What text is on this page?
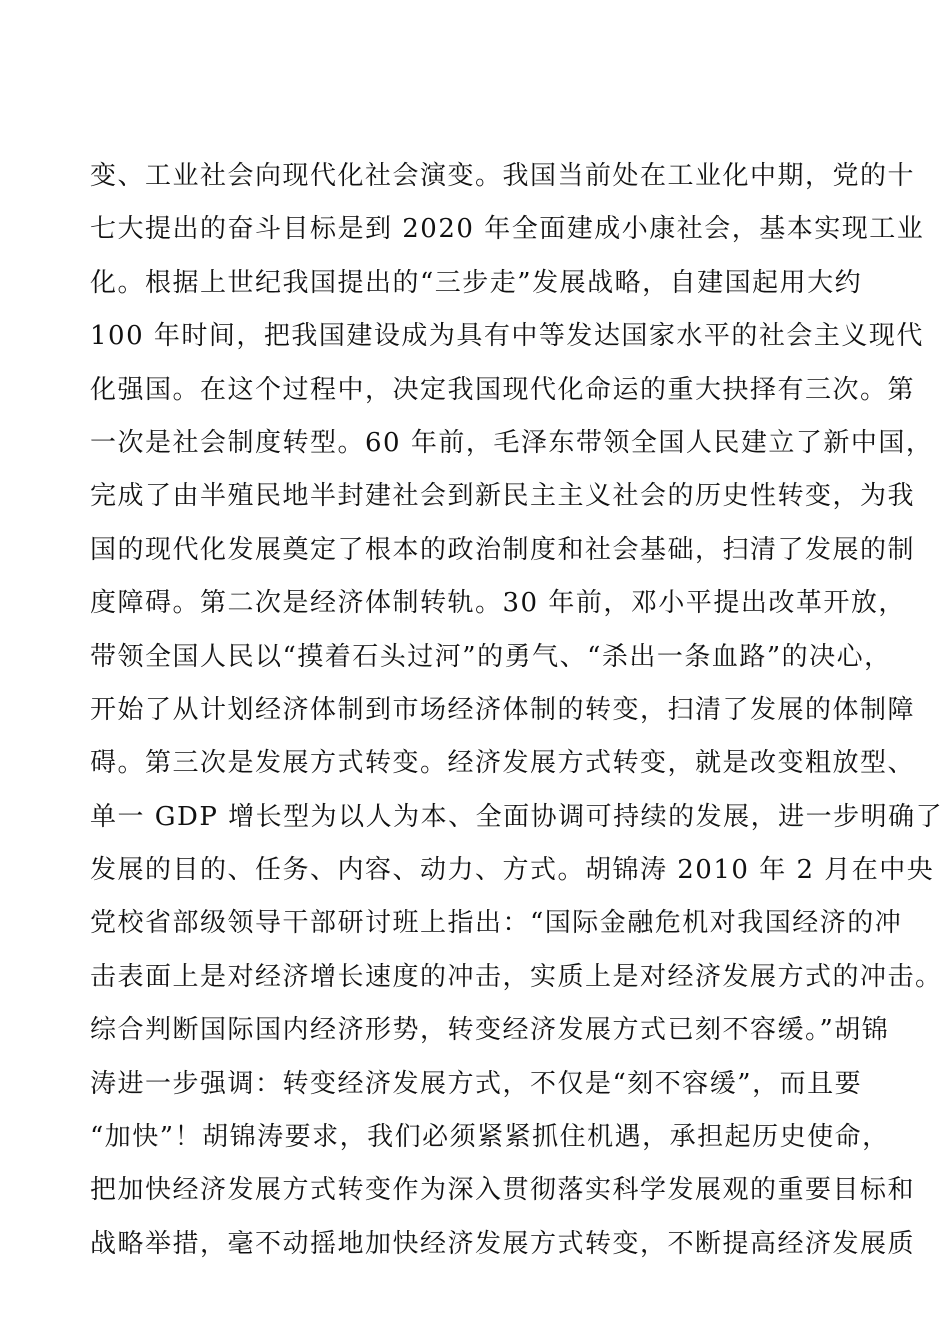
变、工业社会向现代化社会演变。我国当前处在工业化中期，党的十
七大提出的奋斗目标是到 2020 年全面建成小康社会，基本实现工业
化。根据上世纪我国提出的“三步走”发展战略，自建国起用大约
100 年时间，把我国建设成为具有中等发达国家水平的社会主义现代
化强国。在这个过程中，决定我国现代化命运的重大抉择有三次。第
一次是社会制度转型。60 年前，毛泽东带领全国人民建立了新中国，
完成了由半殖民地半封建社会到新民主主义社会的历史性转变，为我
国的现代化发展奠定了根本的政治制度和社会基础，扫清了发展的制
度障碍。第二次是经济体制转轨。30 年前，邓小平提出改革开放，
带领全国人民以“摸着石头过河”的勇气、“杀出一条血路”的决心，
开始了从计划经济体制到市场经济体制的转变，扫清了发展的体制障
碍。第三次是发展方式转变。经济发展方式转变，就是改变粗放型、
单一 GDP 增长型为以人为本、全面协调可持续的发展，进一步明确了
发展的目的、任务、内容、动力、方式。胡锦涛 2010 年 2 月在中央
党校省部级领导干部研讨班上指出：“国际金融危机对我国经济的冲
击表面上是对经济增长速度的冲击，实质上是对经济发展方式的冲击。
综合判断国际国内经济形势，转变经济发展方式已刻不容缓。”胡锦
涛进一步强调：转变经济发展方式，不仅是“刻不容缓”，而且要
“加快”！胡锦涛要求，我们必须紧紧抓住机遇，承担起历史使命，
把加快经济发展方式转变作为深入贯彻落实科学发展观的重要目标和
战略举措，毫不动摇地加快经济发展方式转变，不断提高经济发展质
